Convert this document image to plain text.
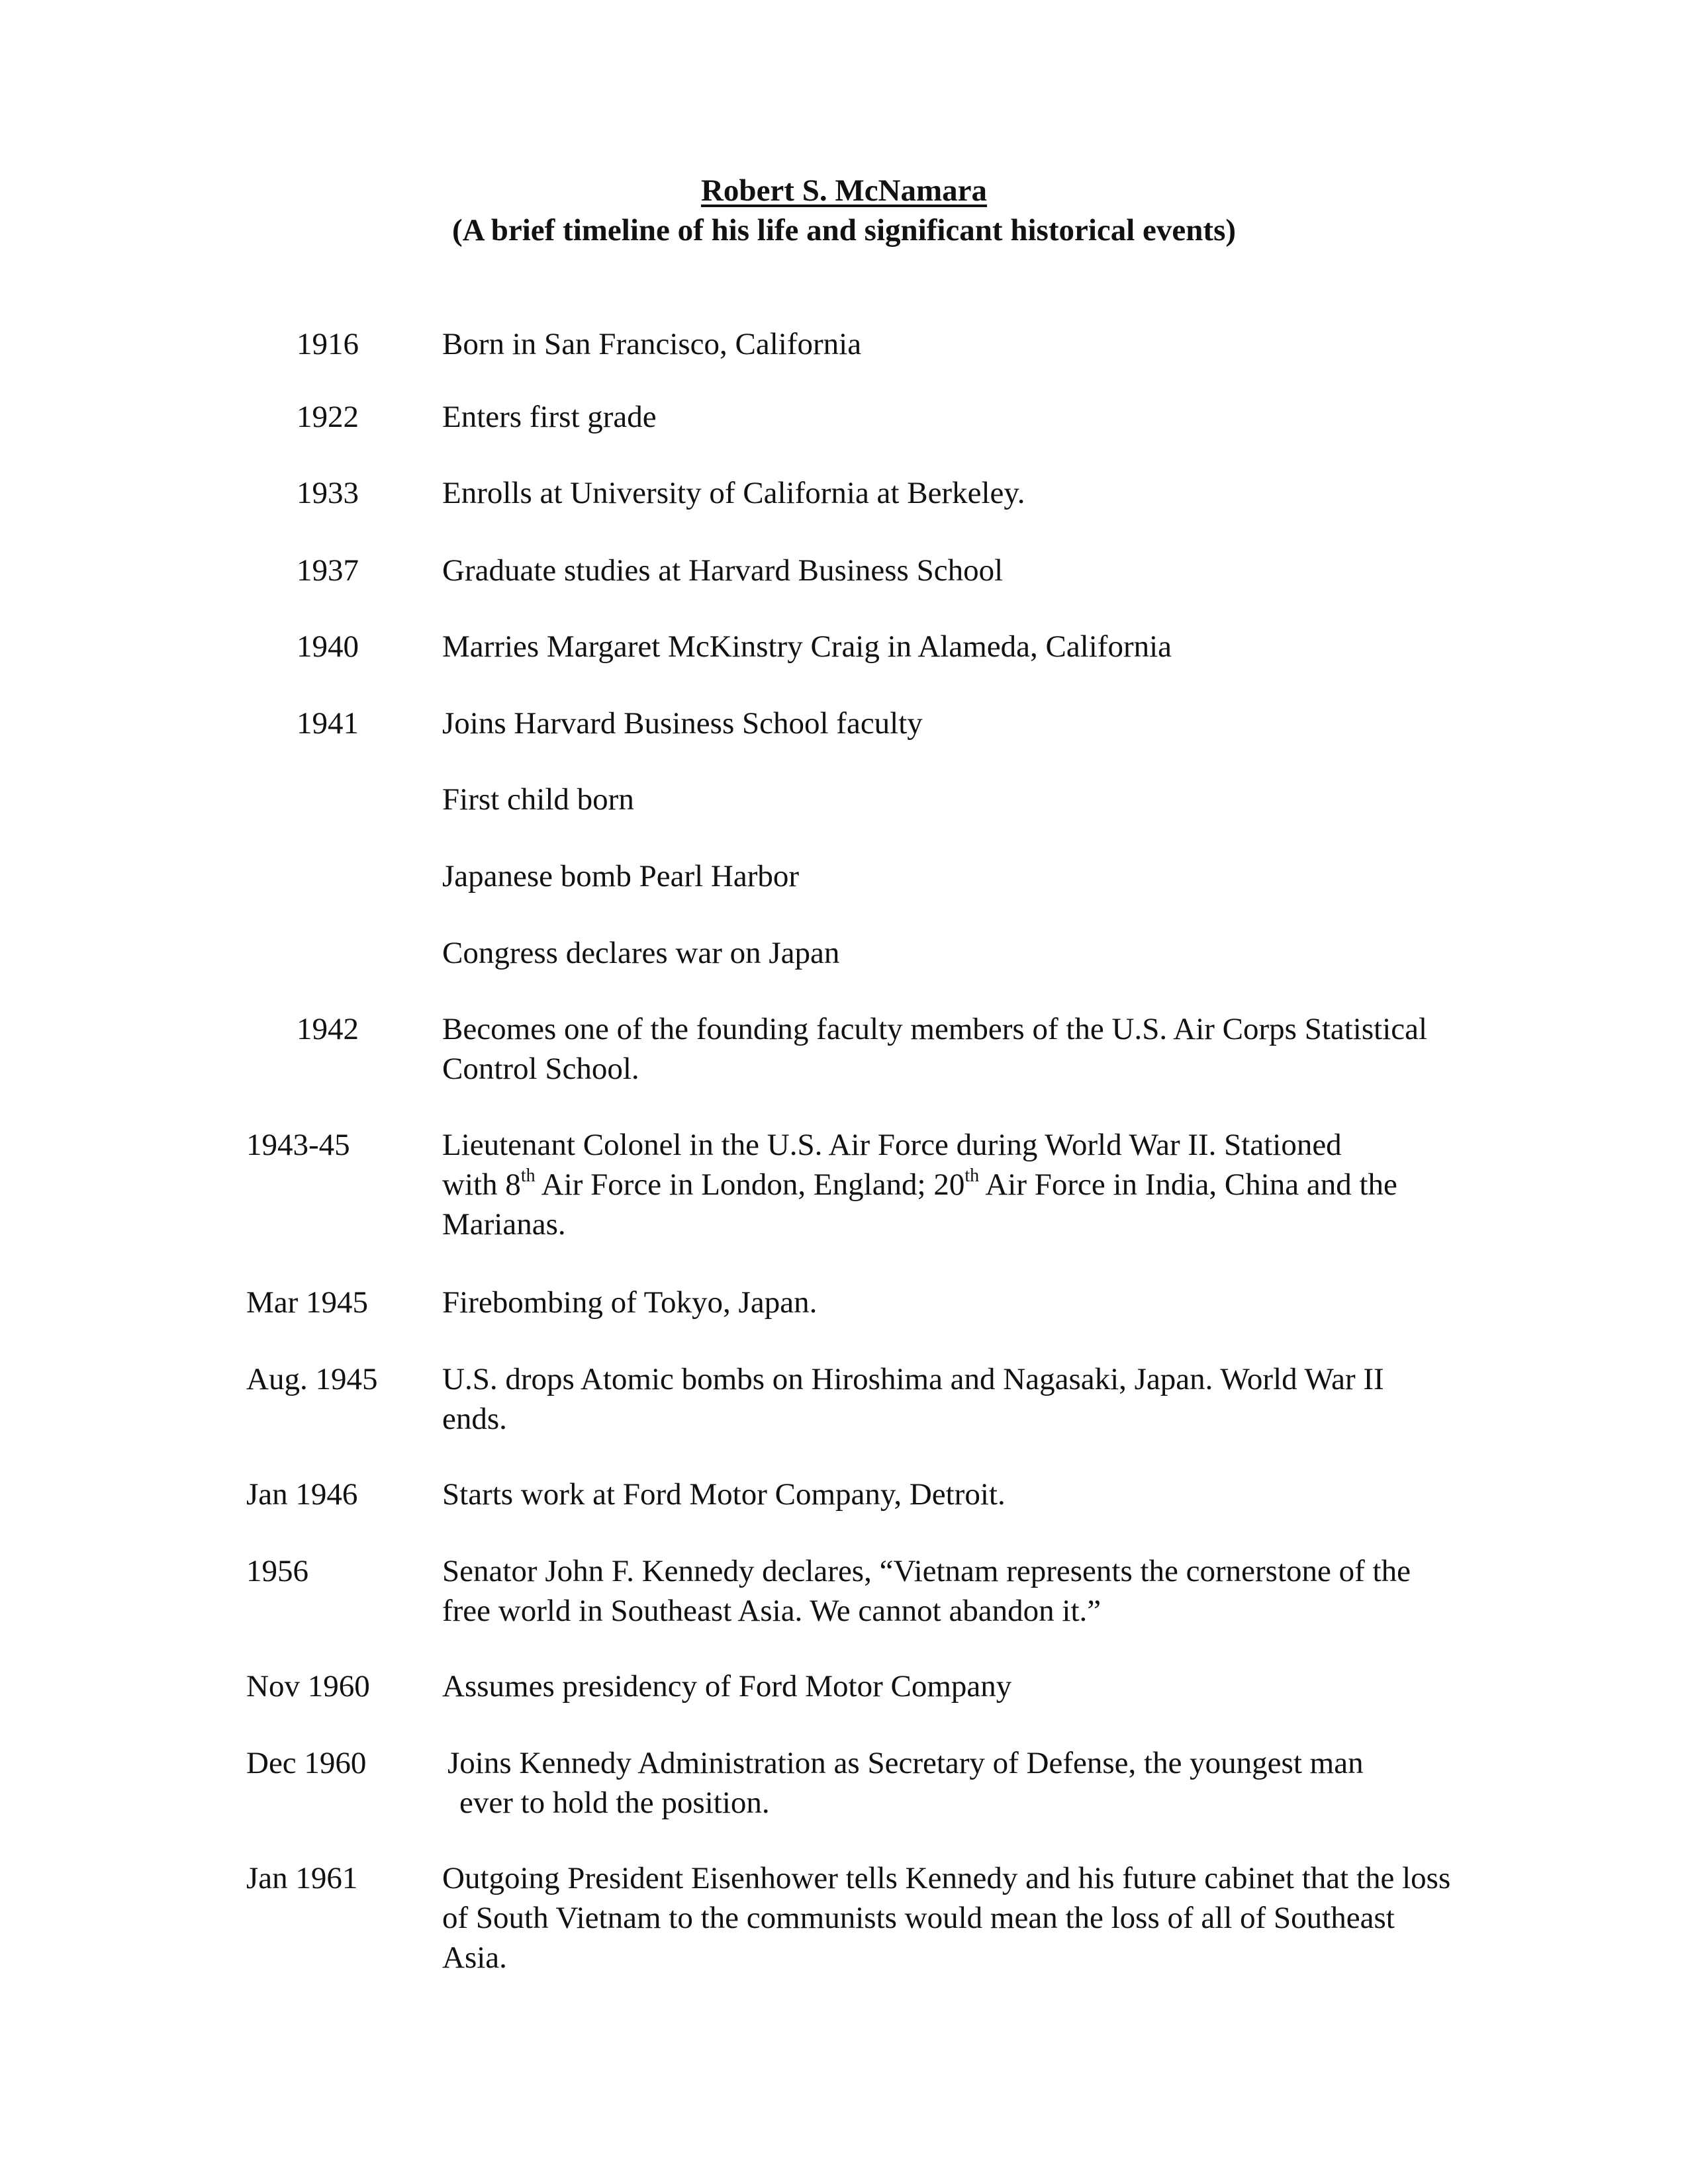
Robert S. McNamara
(A brief timeline of his life and significant historical events)
1916	Born in San Francisco, California
1922	Enters first grade
1933	Enrolls at University of California at Berkeley.
1937	Graduate studies at Harvard Business School
1940	Marries Margaret McKinstry Craig in Alameda, California
1941	Joins Harvard Business School faculty
First child born
Japanese bomb Pearl Harbor
Congress declares war on Japan
1942	Becomes one of the founding faculty members of the U.S. Air Corps Statistical Control School.
1943-45	Lieutenant Colonel in the U.S. Air Force during World War II. Stationed
with 8th Air Force in London, England; 20th Air Force in India, China and the Marianas.
Mar 1945 Firebombing of Tokyo, Japan.
Aug. 1945 U.S. drops Atomic bombs on Hiroshima and Nagasaki, Japan. World War II ends.
Jan 1946	Starts work at Ford Motor Company, Detroit.
1956	Senator John F. Kennedy declares, “Vietnam represents the cornerstone of the free world in Southeast Asia. We cannot abandon it.”
Nov 1960 Assumes presidency of Ford Motor Company
Dec 1960	Joins Kennedy Administration as Secretary of Defense, the youngest man
ever to hold the position.
Jan 1961	Outgoing President Eisenhower tells Kennedy and his future cabinet that the loss of South Vietnam to the communists would mean the loss of all of Southeast Asia.
